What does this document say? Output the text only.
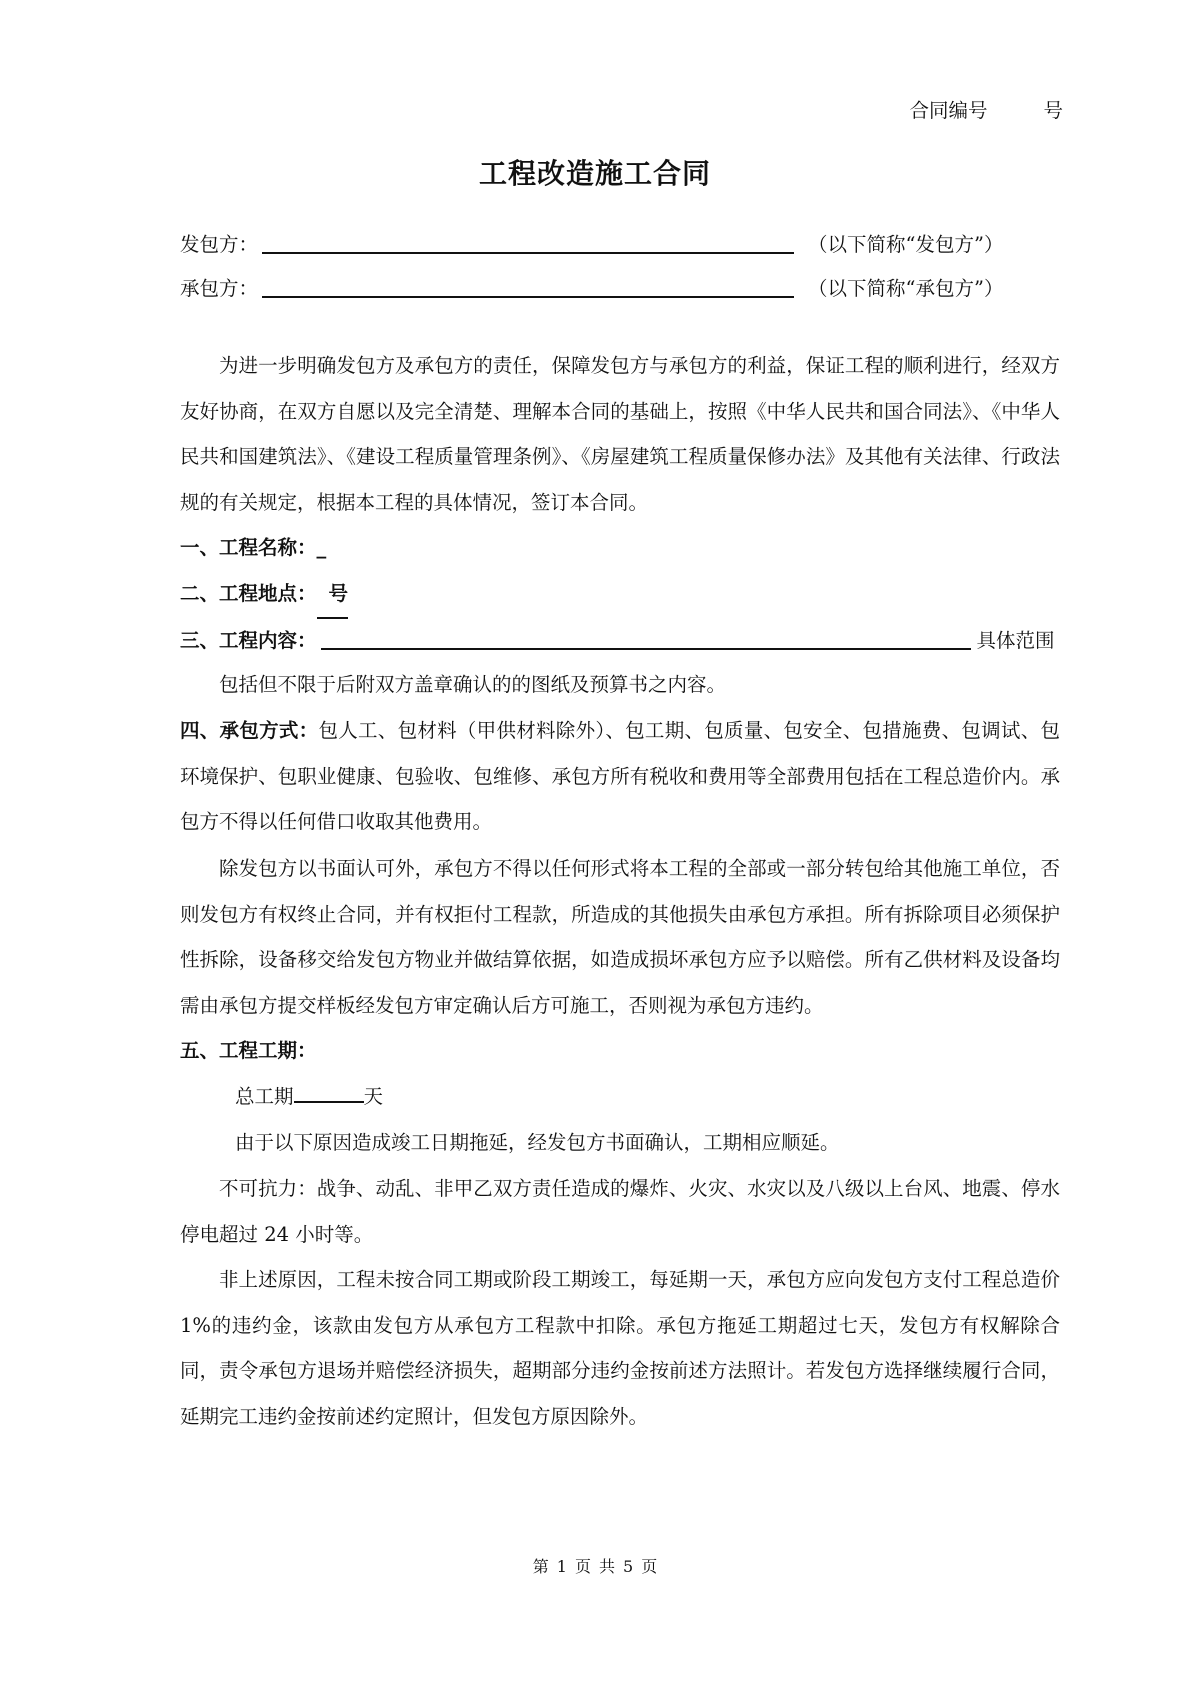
合同编号	号
工程改造施工合同
发包方：	（以下简称“发包方”）
承包方：	（以下简称“承包方”）
为进一步明确发包方及承包方的责任，保障发包方与承包方的利益，保证工程的顺利进行，经双方友好协商，在双方自愿以及完全清楚、理解本合同的基础上，按照《中华人民共和国合同法》、《中华人民共和国建筑法》、《建设工程质量管理条例》、《房屋建筑工程质量保修办法》及其他有关法律、行政法规的有关规定，根据本工程的具体情况，签订本合同。
一、工程名称：_
二、工程地点： 号
三、工程内容：	具体范围
包括但不限于后附双方盖章确认的的图纸及预算书之内容。
四、承包方式：包人工、包材料（甲供材料除外）、包工期、包质量、包安全、包措施费、包调试、包环境保护、包职业健康、包验收、包维修、承包方所有税收和费用等全部费用包括在工程总造价内。承包方不得以任何借口收取其他费用。
除发包方以书面认可外，承包方不得以任何形式将本工程的全部或一部分转包给其他施工单位，否则发包方有权终止合同，并有权拒付工程款，所造成的其他损失由承包方承担。所有拆除项目必须保护性拆除，设备移交给发包方物业并做结算依据，如造成损坏承包方应予以赔偿。所有乙供材料及设备均需由承包方提交样板经发包方审定确认后方可施工，否则视为承包方违约。
五、工程工期：
总工期	天
由于以下原因造成竣工日期拖延，经发包方书面确认，工期相应顺延。
不可抗力：战争、动乱、非甲乙双方责任造成的爆炸、火灾、水灾以及八级以上台风、地震、停水停电超过 24 小时等。
非上述原因，工程未按合同工期或阶段工期竣工，每延期一天，承包方应向发包方支付工程总造价 1%的违约金，该款由发包方从承包方工程款中扣除。承包方拖延工期超过七天，发包方有权解除合同，责令承包方退场并赔偿经济损失，超期部分违约金按前述方法照计。若发包方选择继续履行合同，延期完工违约金按前述约定照计，但发包方原因除外。
第 1 页 共 5 页
